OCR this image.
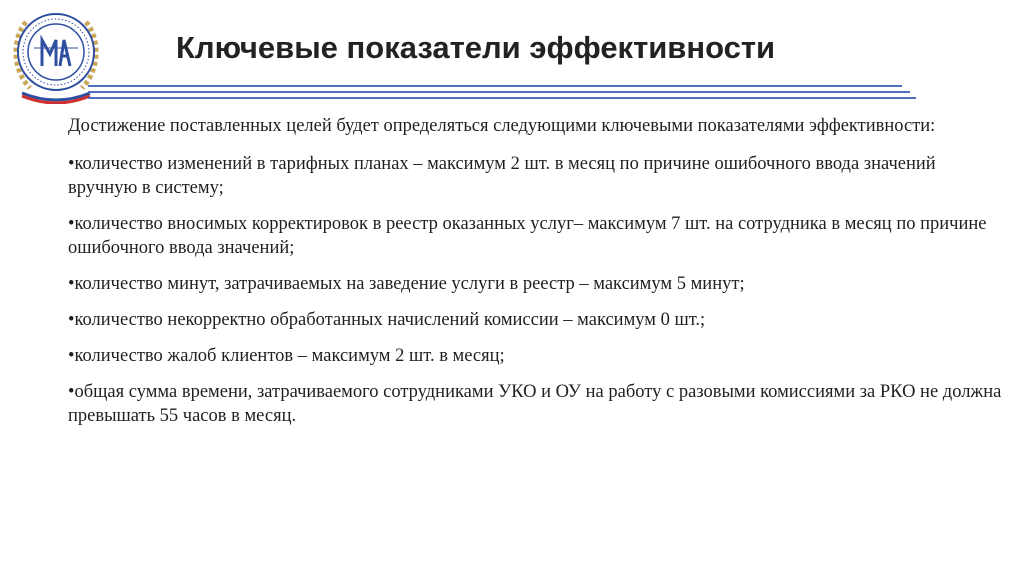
Ключевые показатели эффективности

Достижение поставленных целей будет определяться следующими ключевыми показателями эффективности:

•количество изменений в тарифных планах – максимум 2 шт. в месяц по причине ошибочного ввода значений вручную в систему;

•количество вносимых корректировок в реестр оказанных услуг– максимум 7 шт. на сотрудника в месяц по причине ошибочного ввода значений;

•количество минут, затрачиваемых на заведение услуги в реестр – максимум 5 минут;

•количество некорректно обработанных начислений комиссии – максимум 0 шт.;

•количество жалоб клиентов – максимум 2 шт. в месяц;

•общая сумма времени, затрачиваемого сотрудниками УКО и ОУ на работу с разовыми комиссиями за РКО не должна превышать 55 часов в месяц.
